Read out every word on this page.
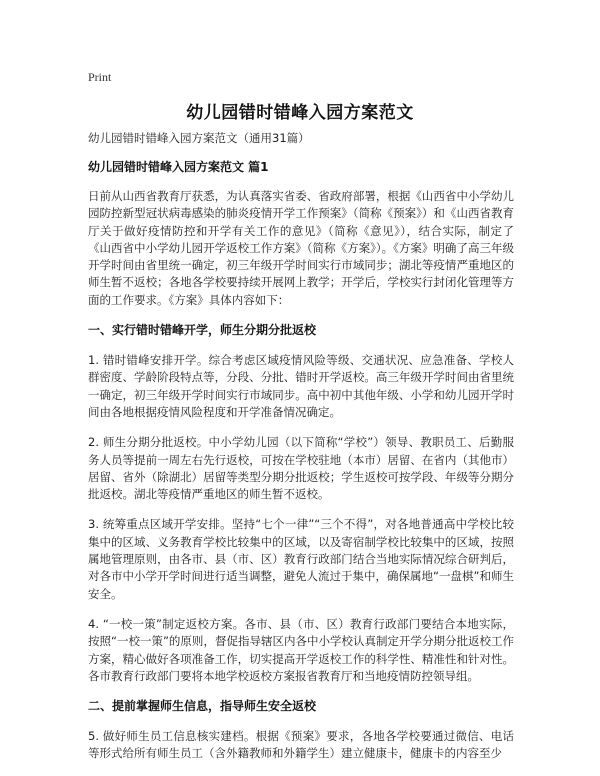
Print
幼儿园错时错峰入园方案范文
幼儿园错时错峰入园方案范文（通用31篇）
幼儿园错时错峰入园方案范文 篇1
日前从山西省教育厅获悉，为认真落实省委、省政府部署，根据《山西省中小学幼儿园防控新型冠状病毒感染的肺炎疫情开学工作预案》（简称《预案》）和《山西省教育厅关于做好疫情防控和开学有关工作的意见》（简称《意见》），结合实际，制定了《山西省中小学幼儿园开学返校工作方案》（简称《方案》）。《方案》明确了高三年级开学时间由省里统一确定，初三年级开学时间实行市域同步；湖北等疫情严重地区的师生暂不返校；各地各学校要持续开展网上教学；开学后，学校实行封闭化管理等方面的工作要求。《方案》具体内容如下：
一、实行错时错峰开学，师生分期分批返校
1. 错时错峰安排开学。综合考虑区域疫情风险等级、交通状况、应急准备、学校人群密度、学龄阶段特点等，分段、分批、错时开学返校。高三年级开学时间由省里统一确定，初三年级开学时间实行市域同步。高中初中其他年级、小学和幼儿园开学时间由各地根据疫情风险程度和开学准备情况确定。
2. 师生分期分批返校。中小学幼儿园（以下简称“学校”）领导、教职员工、后勤服务人员等提前一周左右先行返校，可按在学校驻地（本市）居留、在省内（其他市）居留、省外（除湖北）居留等类型分期分批返校；学生返校可按学段、年级等分期分批返校。湖北等疫情严重地区的师生暂不返校。
3. 统筹重点区域开学安排。坚持“七个一律”“三个不得”，对各地普通高中学校比较集中的区域、义务教育学校比较集中的区域，以及寄宿制学校比较集中的区域，按照属地管理原则，由各市、县（市、区）教育行政部门结合当地实际情况综合研判后，对各市中小学开学时间进行适当调整，避免人流过于集中，确保属地“一盘棋”和师生安全。
4. “一校一策”制定返校方案。各市、县（市、区）教育行政部门要结合本地实际，按照“一校一策”的原则，督促指导辖区内各中小学校认真制定开学分期分批返校工作方案，精心做好各项准备工作，切实提高开学返校工作的科学性、精准性和针对性。各市教育行政部门要将本地学校返校方案报省教育厅和当地疫情防控领导组。
二、提前掌握师生信息，指导师生安全返校
5. 做好师生员工信息核实建档。根据《预案》要求，各地各学校要通过微信、电话等形式给所有师生员工（含外籍教师和外籍学生）建立健康卡，健康卡的内容至少
